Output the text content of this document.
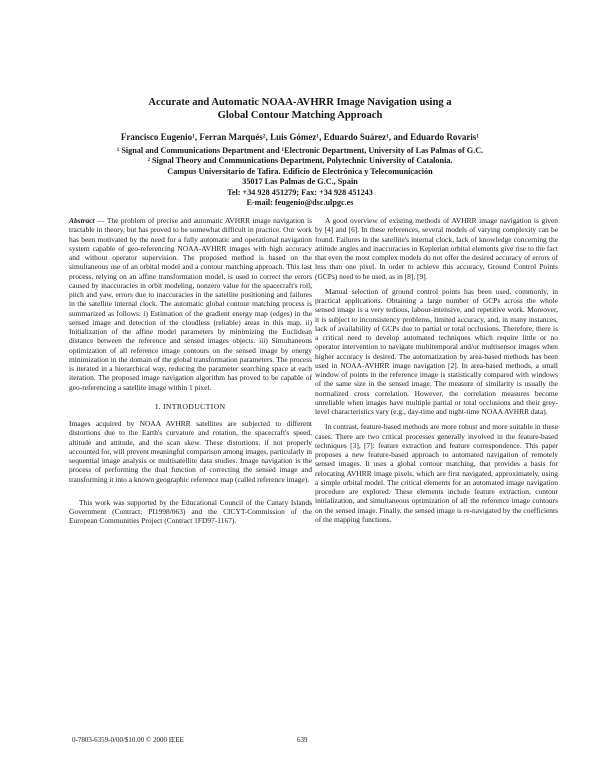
Accurate and Automatic NOAA-AVHRR Image Navigation using a
Global Contour Matching Approach
Francisco Eugenio¹, Ferran Marqués², Luis Gómez¹, Eduardo Suárez¹, and Eduardo Rovaris¹
¹ Signal and Communications Department and ¹Electronic Department, University of Las Palmas of G.C.
² Signal Theory and Communications Department, Polytechnic University of Catalonia.
Campus Universitario de Tafira. Edificio de Electrónica y Telecomunicación
35017 Las Palmas de G.C., Spain
Tel: +34 928 451279; Fax: +34 928 451243
E-mail: feugenio@dsc.ulpgc.es

Abstract — The problem of precise and automatic AVHRR image navigation is tractable in theory, but has proved to be somewhat difficult in practice. Our work has been motivated by the need for a fully automatic and operational navigation system capable of geo-referencing NOAA-AVHRR images with high accuracy and without operator supervision. The proposed method is based on the simultaneous use of an orbital model and a contour matching approach. This last process, relying on an affine transformation model, is used to correct the errors caused by inaccuracies in orbit modeling, nonzero value for the spacecraft's roll, pitch and yaw, errors due to inaccuracies in the satellite positioning and failures in the satellite internal clock. The automatic global contour matching process is summarized as follows: i) Estimation of the gradient energy map (edges) in the sensed image and detection of the cloudless (reliable) areas in this map. ii) Initialization of the affine model parameters by minimizing the Euclidean distance between the reference and sensed images objects. iii) Simultaneous optimization of all reference image contours on the sensed image by energy minimization in the domain of the global transformation parameters. The process is iterated in a hierarchical way, reducing the parameter searching space at each iteration. The proposed image navigation algorithm has proved to be capable of geo-referencing a satellite image within 1 pixel.

I. INTRODUCTION

Images acquired by NOAA AVHRR satellites are subjected to different distortions due to the Earth's curvature and rotation, the spacecraft's speed, altitude and attitude, and the scan skew. These distortions, if not properly accounted for, will prevent meaningful comparison among images, particularly in sequential image analysis or multisatellite data studies. Image navigation is the process of performing the dual function of correcting the sensed image and transforming it into a known geographic reference map (called reference image).

This work was supported by the Educational Council of the Canary Islands Government (Contract: PI1998/063) and the CICYT-Commission of the European Communities Project (Contract 1FD97-1167).

A good overview of existing methods of AVHRR image navigation is given by [4] and [6]. In these references, several models of varying complexity can be found. Failures in the satellite's internal clock, lack of knowledge concerning the attitude angles and inaccuracies in Keplerian orbital elements give rise to the fact that even the most complex models do not offer the desired accuracy of errors of less than one pixel. In order to achieve this accuracy, Ground Control Points (GCPs) need to be used, as in [8], [9].

Manual selection of ground control points has been used, commonly, in practical applications. Obtaining a large number of GCPs across the whole sensed image is a very tedious, labour-intensive, and repetitive work. Moreover, it is subject to inconsistency problems, limited accuracy, and, in many instances, lack of availability of GCPs due to partial or total occlusions. Therefore, there is a critical need to develop automated techniques which require little or no operator intervention to navigate multitemporal and/or multisensor images when higher accuracy is desired. The automatization by area-based methods has been used in NOAA-AVHRR image navigation [2]. In area-based methods, a small window of points in the reference image is statistically compared with windows of the same size in the sensed image. The measure of similarity is usually the normalized cross correlation. However, the correlation measures become unreliable when images have multiple partial or total occlusions and their grey-level characteristics vary (e.g., day-time and night-time NOAA AVHRR data).

In contrast, feature-based methods are more robust and more suitable in these cases. There are two critical processes generally involved in the feature-based techniques [3], [7]: feature extraction and feature correspondence. This paper proposes a new feature-based approach to automated navigation of remotely sensed images. It uses a global contour matching, that provides a basis for relocating AVHRR image pixels, which are first navigated, approximately, using a simple orbital model. The critical elements for an automated image navigation procedure are explored. These elements include feature extraction, contour initialization, and simultaneous optimization of all the reference image contours on the sensed image. Finally, the sensed image is re-navigated by the coefficients of the mapping functions.

0-7803-6359-0/00/$10.00 © 2000 IEEE	639
